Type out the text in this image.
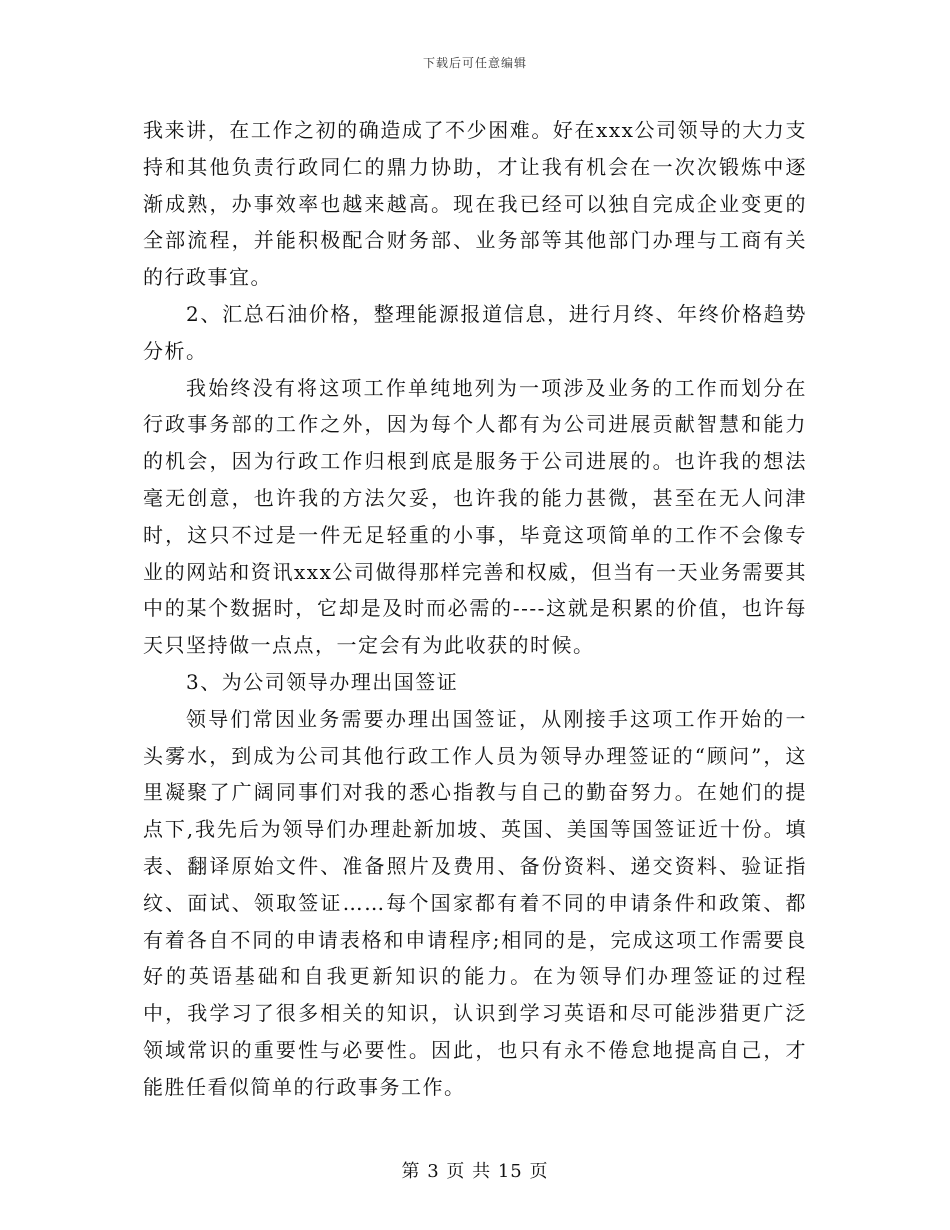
下载后可任意编辑

我来讲，在工作之初的确造成了不少困难。好在xxx公司领导的大力支持和其他负责行政同仁的鼎力协助，才让我有机会在一次次锻炼中逐渐成熟，办事效率也越来越高。现在我已经可以独自完成企业变更的全部流程，并能积极配合财务部、业务部等其他部门办理与工商有关的行政事宜。

2、汇总石油价格，整理能源报道信息，进行月终、年终价格趋势分析。

我始终没有将这项工作单纯地列为一项涉及业务的工作而划分在行政事务部的工作之外，因为每个人都有为公司进展贡献智慧和能力的机会，因为行政工作归根到底是服务于公司进展的。也许我的想法毫无创意，也许我的方法欠妥，也许我的能力甚微，甚至在无人问津时，这只不过是一件无足轻重的小事，毕竟这项简单的工作不会像专业的网站和资讯xxx公司做得那样完善和权威，但当有一天业务需要其中的某个数据时，它却是及时而必需的----这就是积累的价值，也许每天只坚持做一点点，一定会有为此收获的时候。

3、为公司领导办理出国签证

领导们常因业务需要办理出国签证，从刚接手这项工作开始的一头雾水，到成为公司其他行政工作人员为领导办理签证的“顾问”，这里凝聚了广阔同事们对我的悉心指教与自己的勤奋努力。在她们的提点下,我先后为领导们办理赴新加坡、英国、美国等国签证近十份。填表、翻译原始文件、准备照片及费用、备份资料、递交资料、验证指纹、面试、领取签证……每个国家都有着不同的申请条件和政策、都有着各自不同的申请表格和申请程序;相同的是，完成这项工作需要良好的英语基础和自我更新知识的能力。在为领导们办理签证的过程中，我学习了很多相关的知识，认识到学习英语和尽可能涉猎更广泛领域常识的重要性与必要性。因此，也只有永不倦怠地提高自己，才能胜任看似简单的行政事务工作。

第 3 页 共 15 页
